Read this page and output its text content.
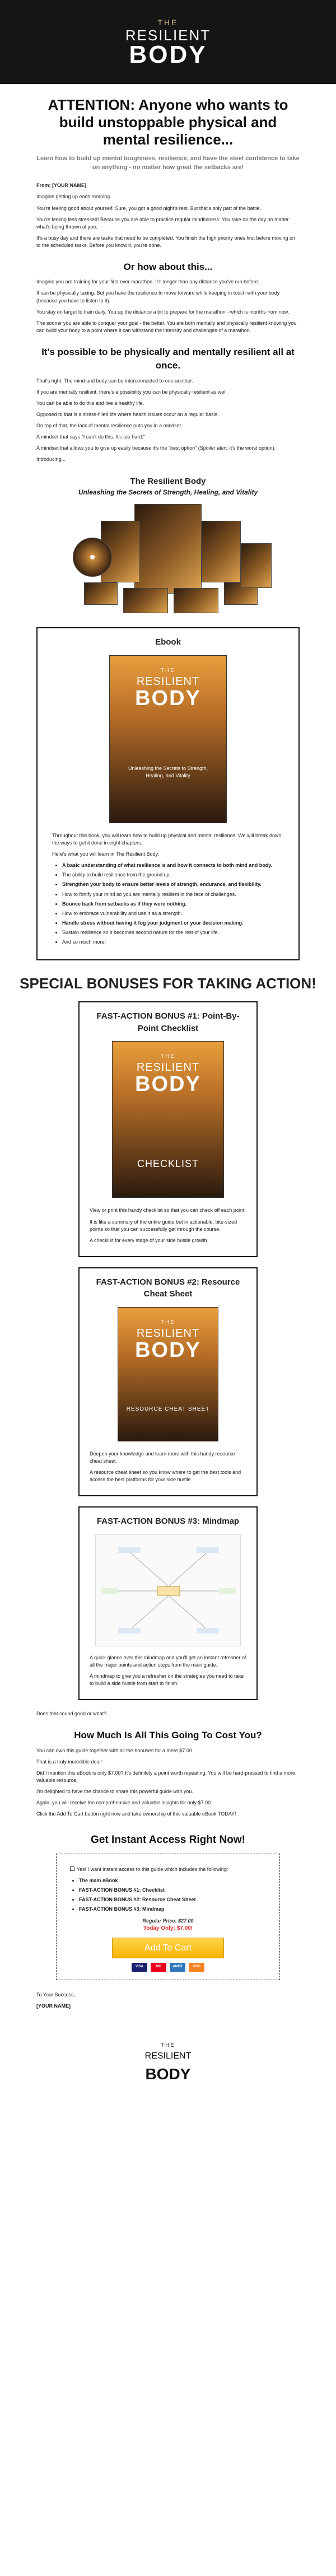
THE
RESILIENT
BODY
ATTENTION: Anyone who wants to build unstoppable physical and mental resilience...
Learn how to build up mental toughness, resilience, and have the steel confidence to take on anything - no matter how great the setbacks are!

From: [YOUR NAME]

Imagine getting up each morning.

You're feeling good about yourself. Sure, you got a good night's rest. But that's only part of the battle.

You're feeling less stressed! Because you are able to practice regular mindfulness. You take on the day no matter what's being thrown at you.

It's a busy day and there are tasks that need to be completed. You finish the high priority ones first before moving on to the scheduled tasks. Before you know it, you're done.

Or how about this...

Imagine you are training for your first ever marathon. It's longer than any distance you've run before.

It can be physically taxing. But you have the resilience to move forward while keeping in touch with your body (because you have to listen to it).

You stay on target to train daily. You up the distance a bit to prepare for the marathon - which is months from now.

The sooner you are able to conquer your goal - the better. You are both mentally and physically resilient knowing you can build your body to a point where it can withstand the intensity and challenges of a marathon.

It's possible to be physically and mentally resilient all at once.

That's right. The mind and body can be interconnected to one another.

If you are mentally resilient, there's a possibility you can be physically resilient as well.

You can be able to do this and live a healthy life.

Opposed to that is a stress-filled life where health issues occur on a regular basis.

On top of that, the lack of mental resilience puts you in a mindset.

A mindset that says "I can't do this. It's too hard."

A mindset that allows you to give up easily because it's the "best option" (Spoiler alert: it's the worst option).

Introducing...

The Resilient Body
Unleashing the Secrets of Strength, Healing, and Vitality
Ebook
THE
RESILIENT
BODY
Unleashing the Secrets to Strength, Healing, and Vitality

Throughout this book, you will learn how to build up physical and mental resilience. We will break down the ways to get it done in eight chapters.

Here's what you will learn in The Resilient Body:

• A basic understanding of what resilience is and how it connects to both mind and body.
• The ability to build resilience from the ground up.
• Strengthen your body to ensure better levels of strength, endurance, and flexibility.
• How to fortify your mind so you are mentally resilient in the face of challenges.
• Bounce back from setbacks as if they were nothing.
• How to embrace vulnerability and use it as a strength.
• Handle stress without having it fog your judgment or your decision making.
• Sustain resilience so it becomes second nature for the rest of your life.
• And so much more!
SPECIAL BONUSES FOR TAKING ACTION!
FAST-ACTION BONUS #1: Point-By-Point Checklist
THE
RESILIENT
BODY
CHECKLIST

View or print this handy checklist so that you can check off each point.

It is like a summary of the entire guide but in actionable, bite-sized points so that you can successfully get through the course.

A checklist for every stage of your side hustle growth

FAST-ACTION BONUS #2: Resource Cheat Sheet
THE
RESILIENT
BODY
RESOURCE CHEAT SHEET

Deepen your knowledge and learn more with this handy resource cheat sheet.

A resource cheat sheet so you know where to get the best tools and access the best platforms for your side hustle.

FAST-ACTION BONUS #3: Mindmap

A quick glance over this mindmap and you'll get an instant refresher of all the major points and action steps from the main guide.

A mindmap to give you a refresher on the strategies you need to take to build a side hustle from start to finish.

Does that sound good or what?

How Much Is All This Going To Cost You?

You can own this guide together with all the bonuses for a mere $7.00

That is a truly incredible deal!

Did I mention this eBook is only $7.00? It's definitely a point worth repeating. You will be hard-pressed to find a more valuable resource.

I'm delighted to have the chance to share this powerful guide with you.

Again, you will receive the comprehensive and valuable insights for only $7.00.

Click the Add To Cart button right now and take ownership of this valuable eBook TODAY!

Get Instant Access Right Now!

Yes! I want instant access to this guide which includes the following:

• The main eBook
• FAST-ACTION BONUS #1: Checklist
• FAST-ACTION BONUS #2: Resource Cheat Sheet
• FAST-ACTION BONUS #3: Mindmap
Regular Price: $27.00
Today Only: $7.00!
Add To Cart
VISA	MC	AMEX	DISC

To Your Success,

[YOUR NAME]

THE
RESILIENT
BODY
